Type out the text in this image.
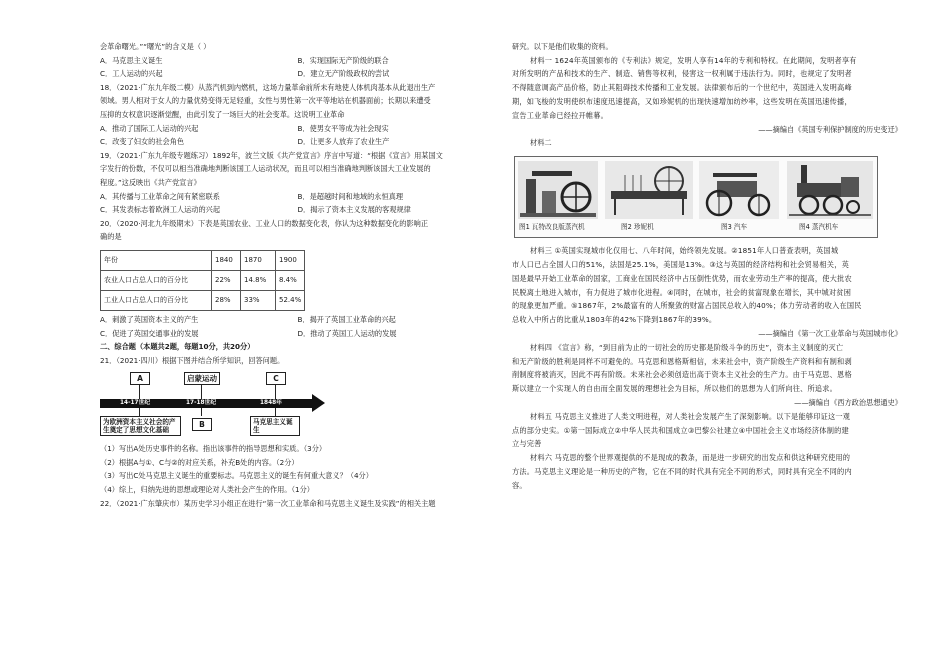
会革命曙光。”“曙光”的含义是（ ）
A．马克思主义诞生	B．实现国际无产阶级的联合
C．工人运动的兴起	D．建立无产阶级政权的尝试
18．（2021·广东九年级二模）从蒸汽机到内燃机，这场力量革命前所未有地使人体机肉基本从此退出生产
领域。男人相对于女人的力量优势变得无足轻重，女性与男性第一次平等地站在机器面前；长期以来遭受
压抑的女权意识逐渐觉醒，由此引发了一场巨大的社会变革。这说明工业革命
A．推动了国际工人运动的兴起	B．使男女平等成为社会现实
C．改变了妇女的社会角色	D．让更多人放弃了农业生产
19．（2021·广东九年级专题练习）1892年，波兰文版《共产党宣言》序言中写道：“根据《宣言》用某国文
字发行的份数，不仅可以相当准确地判断该国工人运动状况，而且可以相当准确地判断该国大工业发展的
程度。”这反映出《共产党宣言》
A．其传播与工业革命之间有紧密联系	B．是超越时间和地域的永恒真理
C．其发表标志着欧洲工人运动的兴起	D．揭示了资本主义发展的客观规律
20．（2020·河北九年级期末）下表是英国农业、工业人口的数据变化表，你认为这种数据变化的影响正
确的是
年份	1840	1870	1900
农业人口占总人口的百分比	22%	14.8%	8.4%
工业人口占总人口的百分比	28%	33%	52.4%
A．刺激了英国资本主义的产生	B．揭开了英国工业革命的兴起
C．促进了英国交通事业的发展	D．推动了英国工人运动的发展
二、综合题（本题共2题，每题10分，共20分）
21．（2021·四川）根据下图并结合所学知识，回答问题。
A	启蒙运动	C
14-17世纪	17-18世纪	1848年
为欧洲资本主义社会的产生奠定了思想文化基础
B	马克思主义诞生
（1）写出A处历史事件的名称。指出该事件的指导思想和实质。（3分）
（2）根据A与①、C与②的对应关系，补充B处的内容。（2分）
（3）写出C处马克思主义诞生的重要标志。马克思主义的诞生有何重大意义？（4分）
（4）综上，归纳先进的思想或理论对人类社会产生的作用。（1分）
22．（2021·广东肇庆市）某历史学习小组正在进行“第一次工业革命和马克思主义诞生及实践”的相关主题
研究。以下是他们收集的资料。
材料一 1624年英国颁布的《专利法》规定，发明人享有14年的专利和特权。在此期间，发明者享有
对所发明的产品和技术的生产、制造、销售等权利，侵害这一权利属于违法行为。同时，也规定了发明者
不得随意调高产品价格，防止其阻碍技术传播和工业发展。法律颁布后的一个世纪中，英国进入发明高峰
期，如飞梭的发明使织布速度迅速提高，又如珍妮机的出现快速增加纺纱率，这些发明在英国迅速传播，
宣告工业革命已经拉开帷幕。
——摘编自《英国专利保护制度的历史变迁》
材料二
图1 瓦特改良版蒸汽机	图2 珍妮机	图3 汽车	图4 蒸汽机车
材料三 ①英国实现城市化仅用七、八年时间，始终领先发展。②1851年人口普查表明，英国城
市人口已占全国人口的51%，法国是25.1%，美国是13%。③这与英国的经济结构和社会贸易相关，英
国是最早开始工业革命的国家，工商业在国民经济中占压倒性优势，而农业劳动生产率的提高，使大批农
民脱离土地进入城市，有力促进了城市化进程。④同时，在城市，社会的贫富现象在增长，其中城对贫困
的现象更加严重。⑤1867年，2%最富有的人所聚敛的财富占国民总收入的40%；体力劳动者的收入在国民
总收入中所占的比重从1803年的42%下降到1867年的39%。
——摘编自《第一次工业革命与英国城市化》
材料四 《宣言》称，“到目前为止的一切社会的历史都是阶级斗争的历史”，资本主义制度的灭亡
和无产阶级的胜利是同样不可避免的。马克思和恩格斯相信，未来社会中，资产阶级生产资料和有制和剥
削制度将被消灭，因此不再有阶级。未来社会必须创造出高于资本主义社会的生产力。由于马克思、恩格
斯以建立一个实现人的自由而全面发展的理想社会为目标，所以他们的思想为人们所向往、所追求。
——摘编自《西方政治思想通史》
材料五 马克思主义推进了人类文明进程，对人类社会发展产生了深刻影响。以下是能够印证这一观
点的部分史实。①第一国际成立②中华人民共和国成立③巴黎公社建立④中国社会主义市场经济体制的建
立与完善
材料六 马克思的整个世界观提供的不是现成的教条，而是进一步研究的出发点和供这种研究使用的
方法。马克思主义理论是一种历史的产物，它在不同的时代具有完全不同的形式，同时具有完全不同的内
容。
